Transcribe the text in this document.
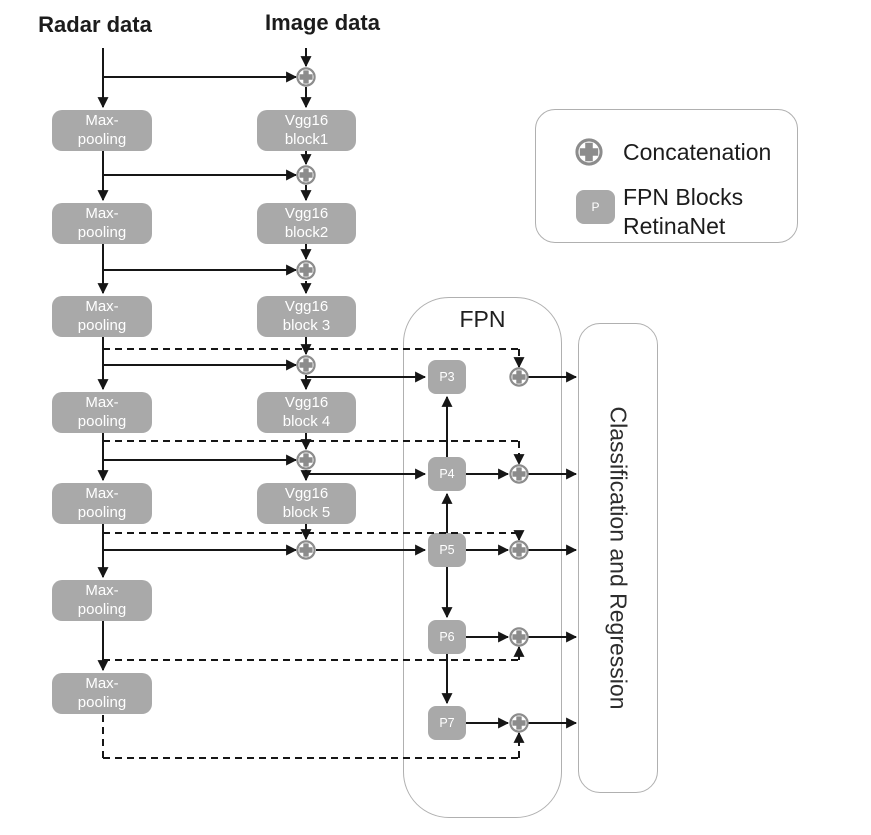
Radar data	Image data
Max-
pooling
Max-
pooling
Max-
pooling
Max-
pooling
Max-
pooling
Max-
pooling
Max-
pooling
Vgg16
block1
Vgg16
block2
Vgg16
block 3
Vgg16
block 4
Vgg16
block 5
FPN
P3
P4
P5
P6
P7
Classification and Regression
Concatenation
P FPN Blocks
RetinaNet
